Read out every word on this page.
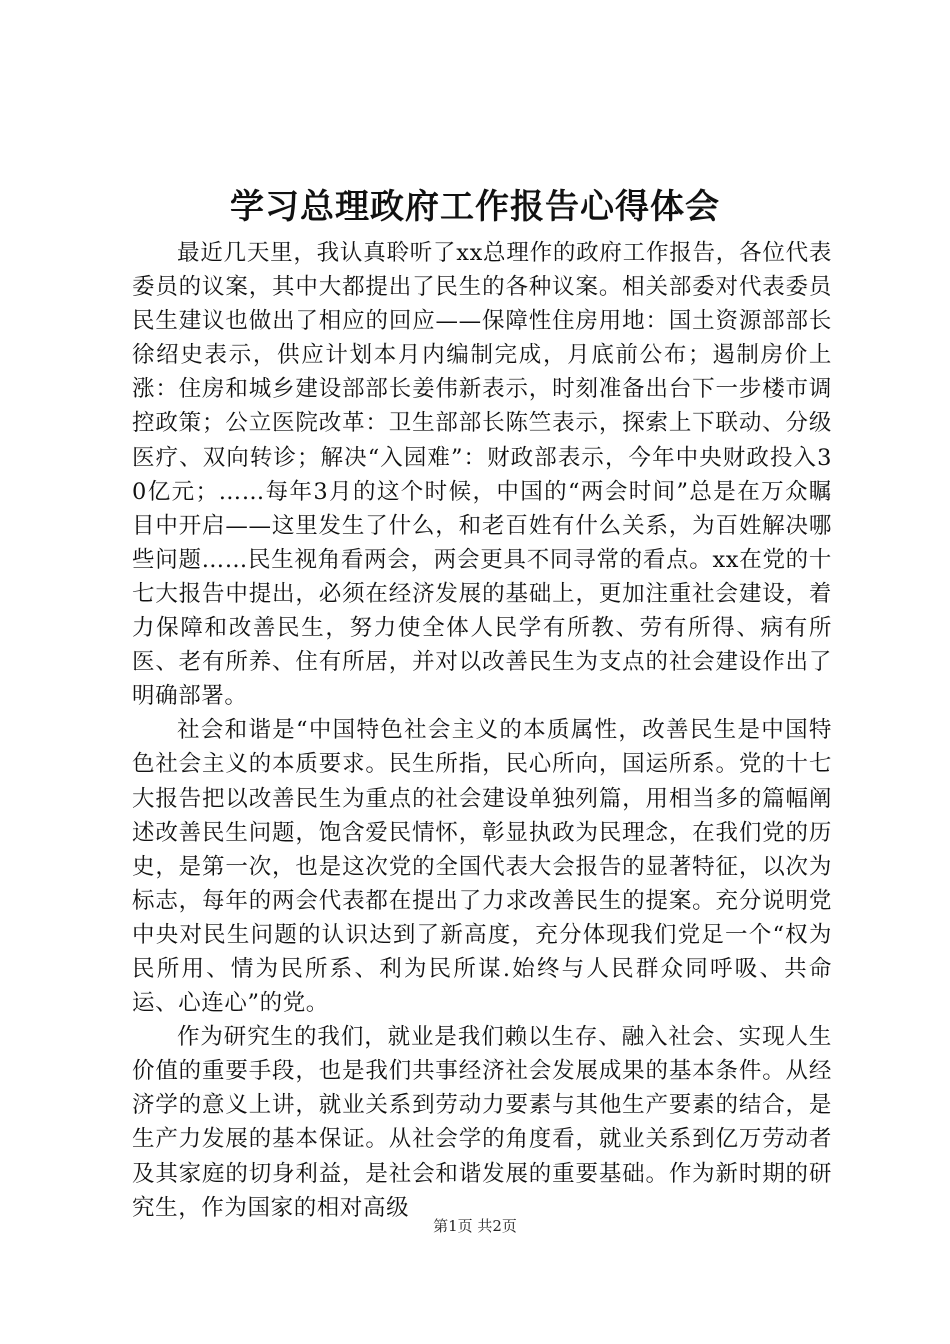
学习总理政府工作报告心得体会

最近几天里，我认真聆听了xx总理作的政府工作报告，各位代表委员的议案，其中大都提出了民生的各种议案。相关部委对代表委员民生建议也做出了相应的回应——保障性住房用地：国土资源部部长徐绍史表示，供应计划本月内编制完成，月底前公布；遏制房价上涨：住房和城乡建设部部长姜伟新表示，时刻准备出台下一步楼市调控政策；公立医院改革：卫生部部长陈竺表示，探索上下联动、分级医疗、双向转诊；解决“入园难”：财政部表示，今年中央财政投入30亿元；……每年3月的这个时候，中国的“两会时间”总是在万众瞩目中开启——这里发生了什么，和老百姓有什么关系，为百姓解决哪些问题……民生视角看两会，两会更具不同寻常的看点。xx在党的十七大报告中提出，必须在经济发展的基础上，更加注重社会建设，着力保障和改善民生，努力使全体人民学有所教、劳有所得、病有所医、老有所养、住有所居，并对以改善民生为支点的社会建设作出了明确部署。

社会和谐是“中国特色社会主义的本质属性，改善民生是中国特色社会主义的本质要求。民生所指，民心所向，国运所系。党的十七大报告把以改善民生为重点的社会建设单独列篇，用相当多的篇幅阐述改善民生问题，饱含爱民情怀，彰显执政为民理念，在我们党的历史，是第一次，也是这次党的全国代表大会报告的显著特征，以次为标志，每年的两会代表都在提出了力求改善民生的提案。充分说明党中央对民生问题的认识达到了新高度，充分体现我们党足一个“权为民所用、情为民所系、利为民所谋.始终与人民群众同呼吸、共命运、心连心”的党。

作为研究生的我们，就业是我们赖以生存、融入社会、实现人生价值的重要手段，也是我们共事经济社会发展成果的基本条件。从经济学的意义上讲，就业关系到劳动力要素与其他生产要素的结合，是生产力发展的基本保证。从社会学的角度看，就业关系到亿万劳动者及其家庭的切身利益，是社会和谐发展的重要基础。作为新时期的研究生，作为国家的相对高级

第1页 共2页
